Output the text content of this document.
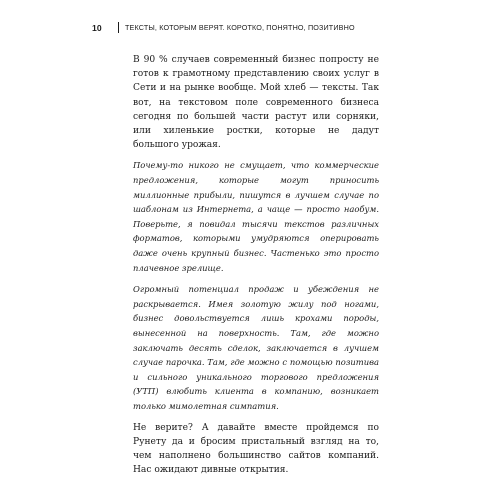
10	ТЕКСТЫ, КОТОРЫМ ВЕРЯТ. КОРОТКО, ПОНЯТНО, ПОЗИТИВНО

В 90 % случаев современный бизнес попросту не готов к грамотному представлению своих услуг в Сети и на рынке вообще. Мой хлеб — тексты. Так вот, на текстовом поле современного бизнеса сегодня по большей части растут или сорняки, или хиленькие ростки, которые не дадут большого урожая.

Почему-то никого не смущает, что коммерческие предложения, которые могут приносить миллионные прибыли, пишутся в лучшем случае по шаблонам из Интернета, а чаще — просто наобум. Поверьте, я повидал тысячи текстов различных форматов, которыми умудряются оперировать даже очень крупный бизнес. Частенько это просто плачевное зрелище.

Огромный потенциал продаж и убеждения не раскрывается. Имея золотую жилу под ногами, бизнес довольствуется лишь крохами породы, вынесенной на поверхность. Там, где можно заключать десять сделок, заключается в лучшем случае парочка. Там, где можно с помощью позитива и сильного уникального торгового предложения (УТП) влюбить клиента в компанию, возникает только мимолетная симпатия.

Не верите? А давайте вместе пройдемся по Рунету да и бросим пристальный взгляд на то, чем наполнено большинство сайтов компаний. Нас ожидают дивные открытия.
